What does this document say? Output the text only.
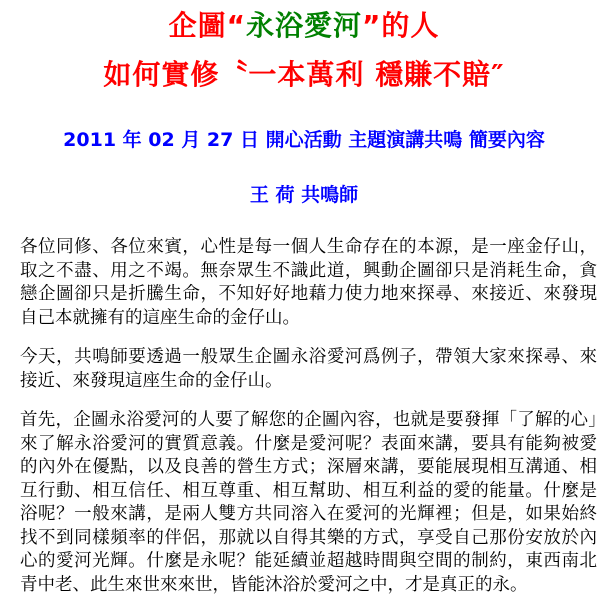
企圖“永浴愛河”的人
如何實修〝一本萬利 穩賺不賠″
2011 年 02 月 27 日 開心活動 主題演講共鳴 簡要內容
王 荷 共鳴師

各位同修、各位來賓，心性是每一個人生命存在的本源，是一座金仔山，取之不盡、用之不竭。無奈眾生不識此道，興動企圖卻只是消耗生命，貪戀企圖卻只是折騰生命，不知好好地藉力使力地來探尋、來接近、來發現自己本就擁有的這座生命的金仔山。

今天，共鳴師要透過一般眾生企圖永浴愛河爲例子，帶領大家來探尋、來接近、來發現這座生命的金仔山。

首先，企圖永浴愛河的人要了解您的企圖內容，也就是要發揮「了解的心」來了解永浴愛河的實質意義。什麼是愛河呢？表面來講，要具有能夠被愛的內外在優點，以及良善的營生方式；深層來講，要能展現相互溝通、相互行動、相互信任、相互尊重、相互幫助、相互利益的愛的能量。什麼是浴呢？一般來講，是兩人雙方共同溶入在愛河的光輝裡；但是，如果始終找不到同樣頻率的伴侶，那就以自得其樂的方式，享受自己那份安放於內心的愛河光輝。什麼是永呢？能延續並超越時間與空間的制約，東西南北青中老、此生來世來來世，皆能沐浴於愛河之中，才是真正的永。
